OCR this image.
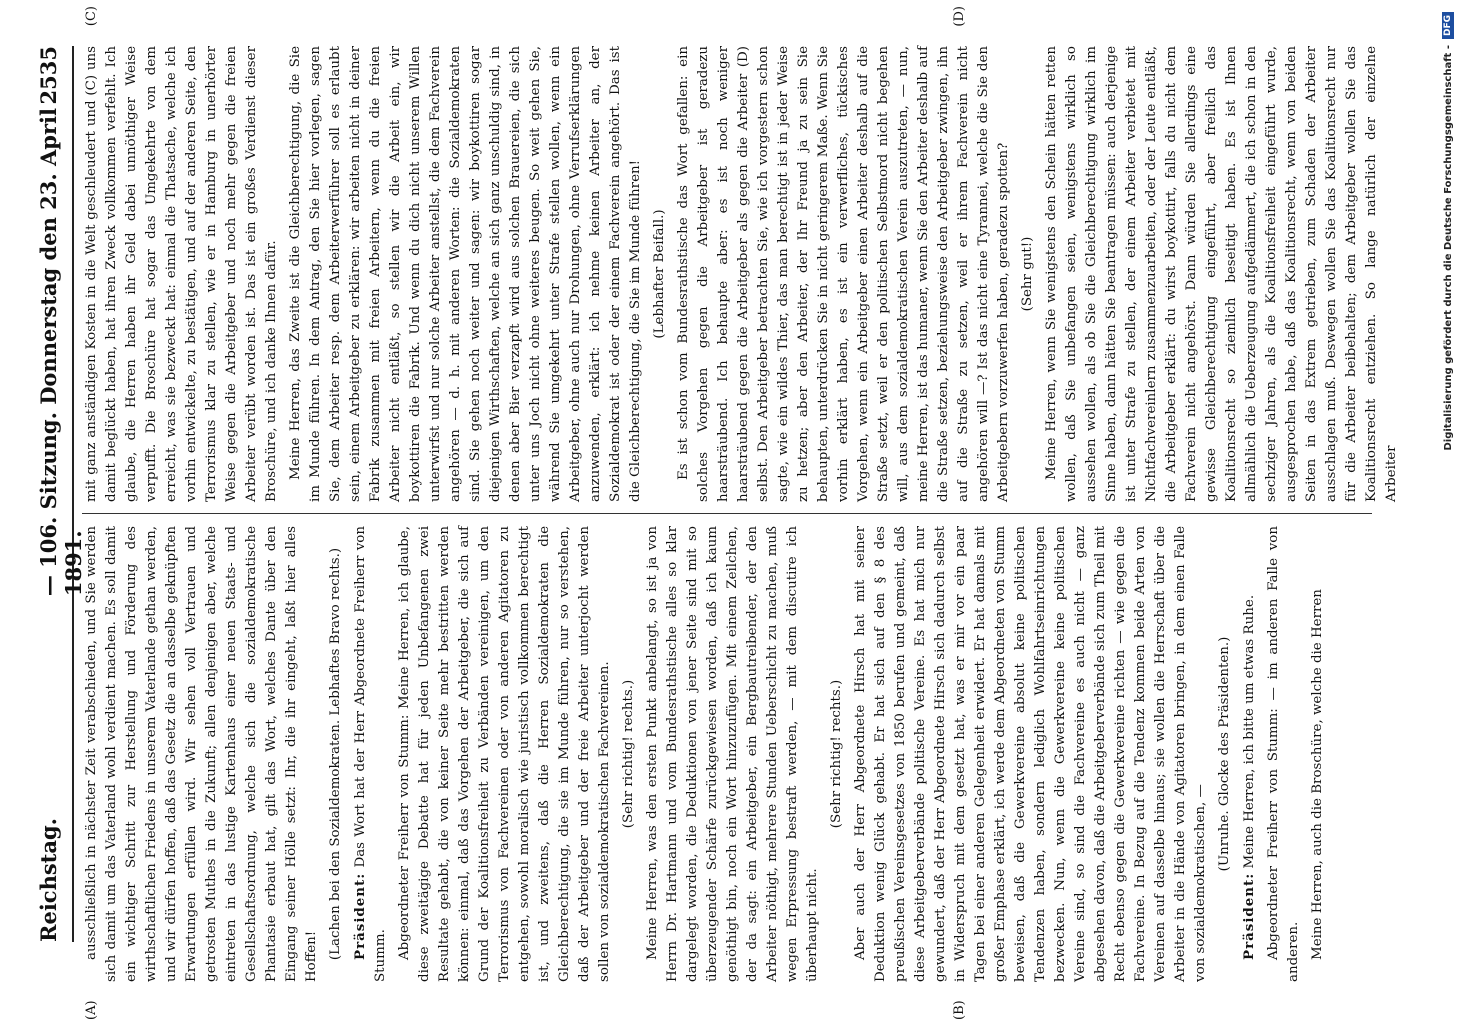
Reichstag.
— 106. Sitzung. Donnerstag den 23. April 1891.
2535
(A)	(B)

ausschließlich in nächster Zeit verabschieden, und Sie werden sich damit um das Vaterland wohl verdient machen. Es soll damit ein wichtiger Schritt zur Herstellung und Förderung des wirthschaftlichen Friedens in unserem Vaterlande gethan werden, und wir dürfen hoffen, daß das Gesetz die an dasselbe geknüpften Erwartungen erfüllen wird. Wir sehen voll Vertrauen und getrosten Muthes in die Zukunft; allen denjenigen aber, welche eintreten in das lustige Kartenhaus einer neuen Staats- und Gesellschaftsordnung, welche sich die sozialdemokratische Phantasie erbaut hat, gilt das Wort, welches Dante über den Eingang seiner Hölle setzt: Ihr, die ihr eingeht, laßt hier alles Hoffen! (Lachen bei den Sozialdemokraten. Lebhaftes Bravo rechts.) Präsident: Das Wort hat der Herr Abgeordnete Freiherr von Stumm. Abgeordneter Freiherr von Stumm: Meine Herren, ich glaube, diese zweitägige Debatte hat für jeden Unbefangenen zwei Resultate gehabt, die von keiner Seite mehr bestritten werden können: einmal, daß das Vorgehen der Arbeitgeber, die sich auf Grund der Koalitionsfreiheit zu Verbänden vereinigen, um den Terrorismus von Fachvereinen oder von anderen Agitatoren zu entgehen, sowohl moralisch wie juristisch vollkommen berechtigt ist, und zweitens, daß die Herren Sozialdemokraten die Gleichberechtigung, die sie im Munde führen, nur so verstehen, daß der Arbeitgeber und der freie Arbeiter unterjocht werden sollen von sozialdemokratischen Fachvereinen. (Sehr richtig! rechts.) Meine Herren, was den ersten Punkt anbelangt, so ist ja von Herrn Dr. Hartmann und vom Bundesrathstische alles so klar dargelegt worden, die Deduktionen von jener Seite sind mit so überzeugender Schärfe zurückgewiesen worden, daß ich kaum genöthigt bin, noch ein Wort hinzuzufügen. Mit einem Zeilchen, der da sagt: ein Arbeitgeber, ein Bergbautreibender, der den Arbeiter nöthigt, mehrere Stunden Ueberschicht zu machen, muß wegen Erpressung bestraft werden, — mit dem discutire ich überhaupt nicht.

(Sehr richtig! rechts.) Aber auch der Herr Abgeordnete Hirsch hat mit seiner Deduktion wenig Glück gehabt. Er hat sich auf den § 8 des preußischen Vereinsgesetzes von 1850 berufen und gemeint, daß diese Arbeitgeberverbände politische Vereine. Es hat mich nur gewundert, daß der Herr Abgeordnete Hirsch sich dadurch selbst in Widerspruch mit dem gesetzt hat, was er mir vor ein paar Tagen bei einer anderen Gelegenheit erwidert. Er hat damals mit großer Emphase erklärt, ich werde dem Abgeordneten von Stumm beweisen, daß die Gewerkvereine absolut keine politischen Tendenzen haben, sondern lediglich Wohlfahrtseinrichtungen bezwecken. Nun, wenn die Gewerkvereine keine politischen Vereine sind, so sind die Fachvereine es auch nicht — ganz abgesehen davon, daß die Arbeitgeberverbände sich zum Theil mit Recht ebenso gegen die Gewerkvereine richten — wie gegen die Fachvereine. In Bezug auf die Tendenz kommen beide Arten von Vereinen auf dasselbe hinaus; sie wollen die Herrschaft über die Arbeiter in die Hände von Agitatoren bringen, in dem einen Falle von sozialdemokratischen, —

(Unruhe. Glocke des Präsidenten.)

Präsident: Meine Herren, ich bitte um etwas Ruhe. Abgeordneter Freiherr von Stumm: — im anderen Falle von anderen. Meine Herren, auch die Broschüre, welche die Herren

(C)	(D)

mit ganz anständigen Kosten in die Welt geschleudert und (C) uns damit beglückt haben, hat ihren Zweck vollkommen verfehlt. Ich glaube, die Herren haben ihr Geld dabei unnöthiger Weise verpufft. Die Broschüre hat sogar das Umgekehrte von dem erreicht, was sie bezweckt hat: einmal die Thatsache, welche ich vorhin entwickelte, zu bestätigen, und auf der anderen Seite, den Terrorismus klar zu stellen, wie er in Hamburg in unerhörter Weise gegen die Arbeitgeber und noch mehr gegen die freien Arbeiter verübt worden ist. Das ist ein großes Verdienst dieser Broschüre, und ich danke Ihnen dafür. Meine Herren, das Zweite ist die Gleichberechtigung, die Sie im Munde führen. In dem Antrag, den Sie hier vorlegen, sagen Sie, dem Arbeiter resp. dem Arbeiterwerführer soll es erlaubt sein, einem Arbeitgeber zu erklären: wir arbeiten nicht in deiner Fabrik zusammen mit freien Arbeitern, wenn du die freien Arbeiter nicht entläßt, so stellen wir die Arbeit ein, wir boykottiren die Fabrik. Und wenn du dich nicht unserem Willen unterwirfst und nur solche Arbeiter anstellst, die dem Fachverein angehören — d. h. mit anderen Worten: die Sozialdemokraten sind. Sie gehen noch weiter und sagen: wir boykottiren sogar diejenigen Wirthschaften, welche an sich ganz unschuldig sind, in denen aber Bier verzapft wird aus solchen Brauereien, die sich unter uns Joch nicht ohne weiteres beugen. So weit gehen Sie, während Sie umgekehrt unter Strafe stellen wollen, wenn ein Arbeitgeber, ohne auch nur Drohungen, ohne Verrufserklärungen anzuwenden, erklärt: ich nehme keinen Arbeiter an, der Sozialdemokrat ist oder der einem Fachverein angehört. Das ist die Gleichberechtigung, die Sie im Munde führen! (Lebhafter Beifall.) Es ist schon vom Bundesrathstische das Wort gefallen: ein solches Vorgehen gegen die Arbeitgeber ist geradezu haarsträubend. Ich behaupte aber: es ist noch weniger haarsträubend gegen die Arbeitgeber als gegen die Arbeiter (D) selbst. Den Arbeitgeber betrachten Sie, wie ich vorgestern schon sagte, wie ein wildes Thier, das man berechtigt ist in jeder Weise zu hetzen; aber den Arbeiter, der Ihr Freund ja zu sein Sie behaupten, unterdrücken Sie in nicht geringerem Maße. Wenn Sie vorhin erklärt haben, es ist ein verwerfliches, tückisches Vorgehen, wenn ein Arbeitgeber einen Arbeiter deshalb auf die Straße setzt, weil er den politischen Selbstmord nicht begehen will, aus dem sozialdemokratischen Verein auszutreten, — nun, meine Herren, ist das humaner, wenn Sie den Arbeiter deshalb auf die Straße setzen, beziehungsweise den Arbeitgeber zwingen, ihn auf die Straße zu setzen, weil er ihrem Fachverein nicht angehören will —? Ist das nicht eine Tyrannei, welche die Sie den Arbeitgebern vorzuwerfen haben, geradezu spotten? (Sehr gut!) Meine Herren, wenn Sie wenigstens den Schein hätten retten wollen, daß Sie unbefangen seien, wenigstens wirklich so aussehen wollen, als ob Sie die Gleichberechtigung wirklich im Sinne haben, dann hätten Sie beantragen müssen: auch derjenige ist unter Strafe zu stellen, der einem Arbeiter verbietet mit Nichtfachvereinlern zusammenzuarbeiten, oder der Leute entläßt, die Arbeitgeber erklärt: du wirst boykottirt, falls du nicht dem Fachverein nicht angehörst. Dann würden Sie allerdings eine gewisse Gleichberechtigung eingeführt, aber freilich das Koalitionsrecht so ziemlich beseitigt haben. Es ist Ihnen allmählich die Ueberzeugung aufgedämmert, die ich schon in den sechziger Jahren, als die Koalitionsfreiheit eingeführt wurde, ausgesprochen habe, daß das Koalitionsrecht, wenn von beiden Seiten in das Extrem getrieben, zum Schaden der Arbeiter ausschlagen muß. Deswegen wollen Sie das Koalitionsrecht nur für die Arbeiter beibehalten; dem Arbeitgeber wollen Sie das Koalitionsrecht entziehen. So lange natürlich der einzelne Arbeiter

Digitalisierung gefördert durch die Deutsche Forschungsgemeinschaft -
DFG
